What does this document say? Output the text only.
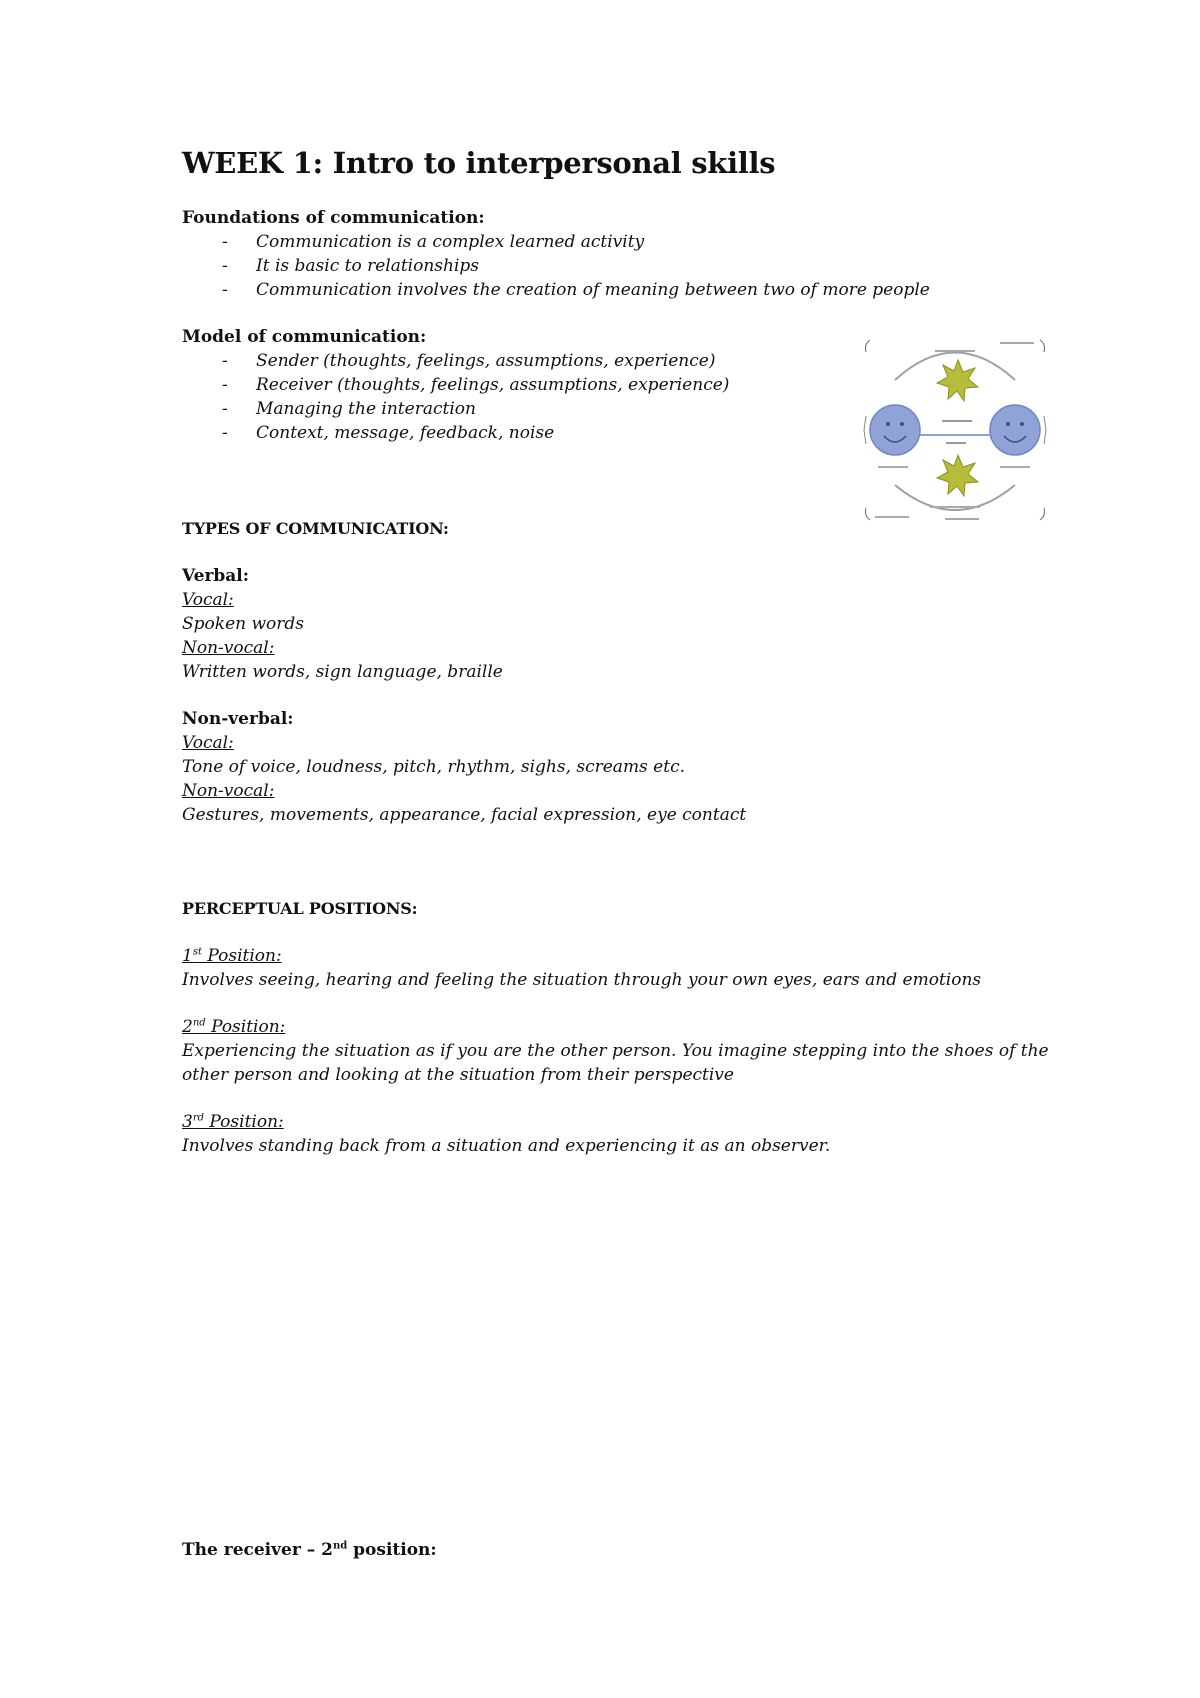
WEEK 1: Intro to interpersonal skills
Foundations of communication:
- Communication is a complex learned activity
- It is basic to relationships
- Communication involves the creation of meaning between two of more people
Model of communication:
- Sender (thoughts, feelings, assumptions, experience)
- Receiver (thoughts, feelings, assumptions, experience)
- Managing the interaction
- Context, message, feedback, noise
TYPES OF COMMUNICATION:
Verbal:
Vocal:
Spoken words
Non-vocal:
Written words, sign language, braille
Non-verbal:
Vocal:
Tone of voice, loudness, pitch, rhythm, sighs, screams etc.
Non-vocal:
Gestures, movements, appearance, facial expression, eye contact
PERCEPTUAL POSITIONS:
1st Position:
Involves seeing, hearing and feeling the situation through your own eyes, ears and emotions
2nd Position:
Experiencing the situation as if you are the other person. You imagine stepping into the shoes of the
other person and looking at the situation from their perspective
3rd Position:
Involves standing back from a situation and experiencing it as an observer.
The receiver – 2nd position:
